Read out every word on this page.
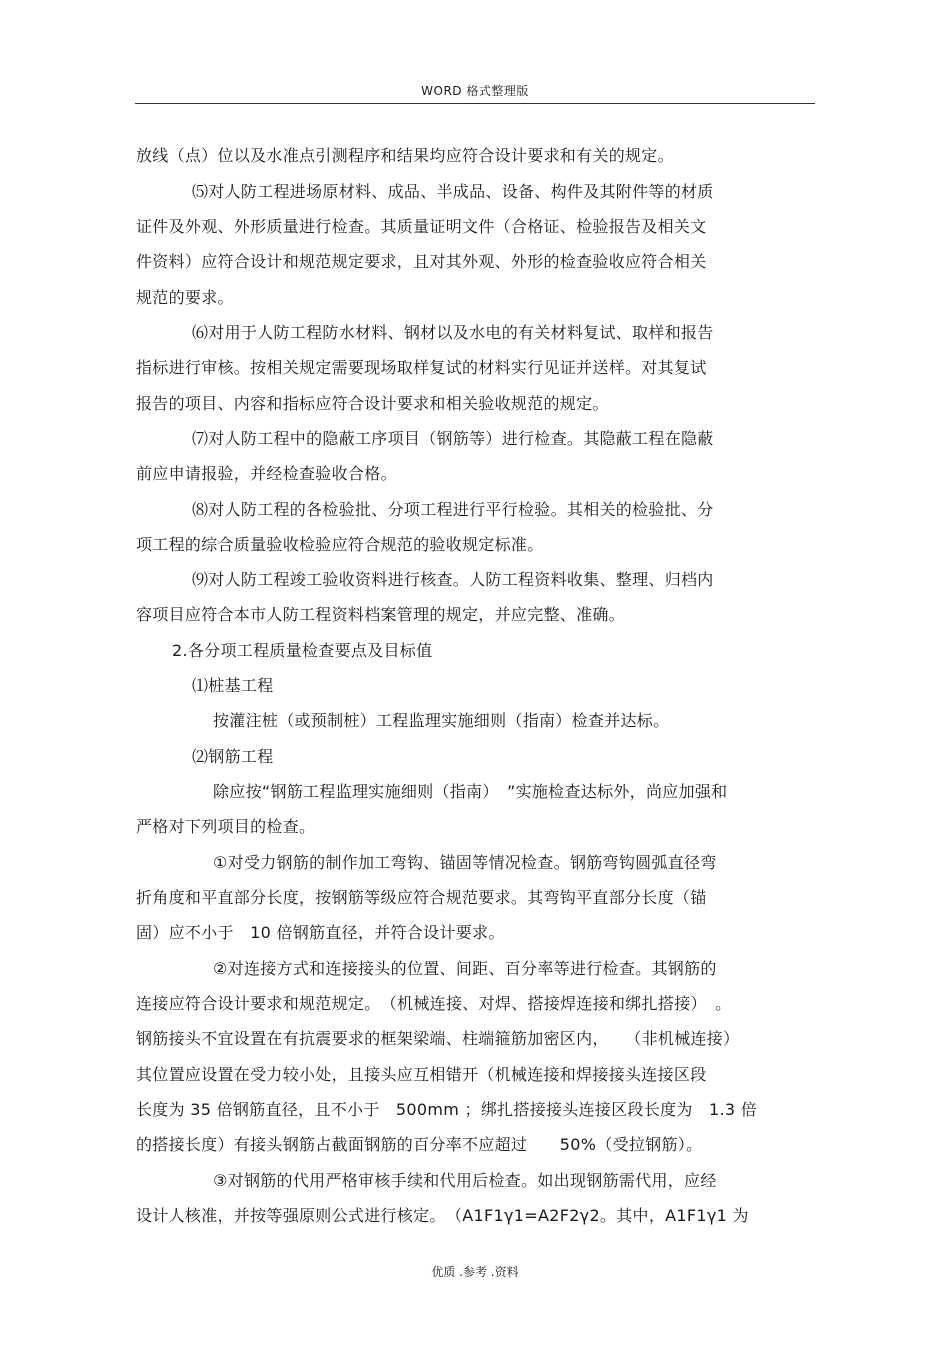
WORD 格式整理版
放线（点）位以及水准点引测程序和结果均应符合设计要求和有关的规定。
⑸对人防工程进场原材料、成品、半成品、设备、构件及其附件等的材质
证件及外观、外形质量进行检查。其质量证明文件（合格证、检验报告及相关文
件资料）应符合设计和规范规定要求，且对其外观、外形的检查验收应符合相关
规范的要求。
⑹对用于人防工程防水材料、钢材以及水电的有关材料复试、取样和报告
指标进行审核。按相关规定需要现场取样复试的材料实行见证并送样。对其复试
报告的项目、内容和指标应符合设计要求和相关验收规范的规定。
⑺对人防工程中的隐蔽工序项目（钢筋等）进行检查。其隐蔽工程在隐蔽
前应申请报验，并经检查验收合格。
⑻对人防工程的各检验批、分项工程进行平行检验。其相关的检验批、分
项工程的综合质量验收检验应符合规范的验收规定标准。
⑼对人防工程竣工验收资料进行核查。人防工程资料收集、整理、归档内
容项目应符合本市人防工程资料档案管理的规定，并应完整、准确。
2.各分项工程质量检查要点及目标值
⑴桩基工程
按灌注桩（或预制桩）工程监理实施细则（指南）检查并达标。
⑵钢筋工程
除应按“钢筋工程监理实施细则（指南）　”实施检查达标外，尚应加强和
严格对下列项目的检查。
①对受力钢筋的制作加工弯钩、锚固等情况检查。钢筋弯钩圆弧直径弯
折角度和平直部分长度，按钢筋等级应符合规范要求。其弯钩平直部分长度（锚
固）应不小于　10 倍钢筋直径，并符合设计要求。
②对连接方式和连接接头的位置、间距、百分率等进行检查。其钢筋的
连接应符合设计要求和规范规定。　（机械连接、对焊、搭接焊连接和绑扎搭接）　。
钢筋接头不宜设置在有抗震要求的框架梁端、柱端箍筋加密区内，　　（非机械连接）
其位置应设置在受力较小处，且接头应互相错开（机械连接和焊接接头连接区段
长度为 35 倍钢筋直径，且不小于　500mm ；绑扎搭接接头连接区段长度为　1.3 倍
的搭接长度）有接头钢筋占截面钢筋的百分率不应超过　　50%（受拉钢筋）。
③对钢筋的代用严格审核手续和代用后检查。如出现钢筋需代用，应经
设计人核准，并按等强原则公式进行核定。　（A1F1γ1=A2F2γ2。其中，A1F1γ1 为
优质 .参考 .资料
